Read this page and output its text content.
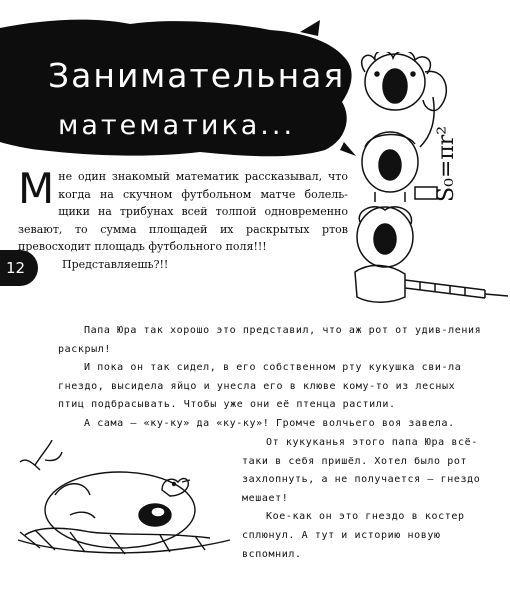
Занимательная
математика...
12
М не один знакомый математик рассказывал, что когда на скучном футбольном матче болель-щики на трибунах всей толпой одновременно зевают, то сумма площадей их раскрытых ртов превосходит площадь футбольного поля!!!

Представляешь?!!

S₀=πr²

Папа Юра так хорошо это представил, что аж рот от удив-ления раскрыл!

И пока он так сидел, в его собственном рту кукушка сви-ла гнездо, высидела яйцо и унесла его в клюве кому-то из лесных птиц подбрасывать. Чтобы уже они её птенца растили.

А сама – «ку-ку» да «ку-ку»! Громче волчьего воя завела.

От кукуканья этого папа Юра всё-таки в себя пришёл. Хотел было рот захлопнуть, а не получается – гнездо мешает!

Кое-как он это гнездо в костер сплюнул. А тут и историю новую вспомнил.
